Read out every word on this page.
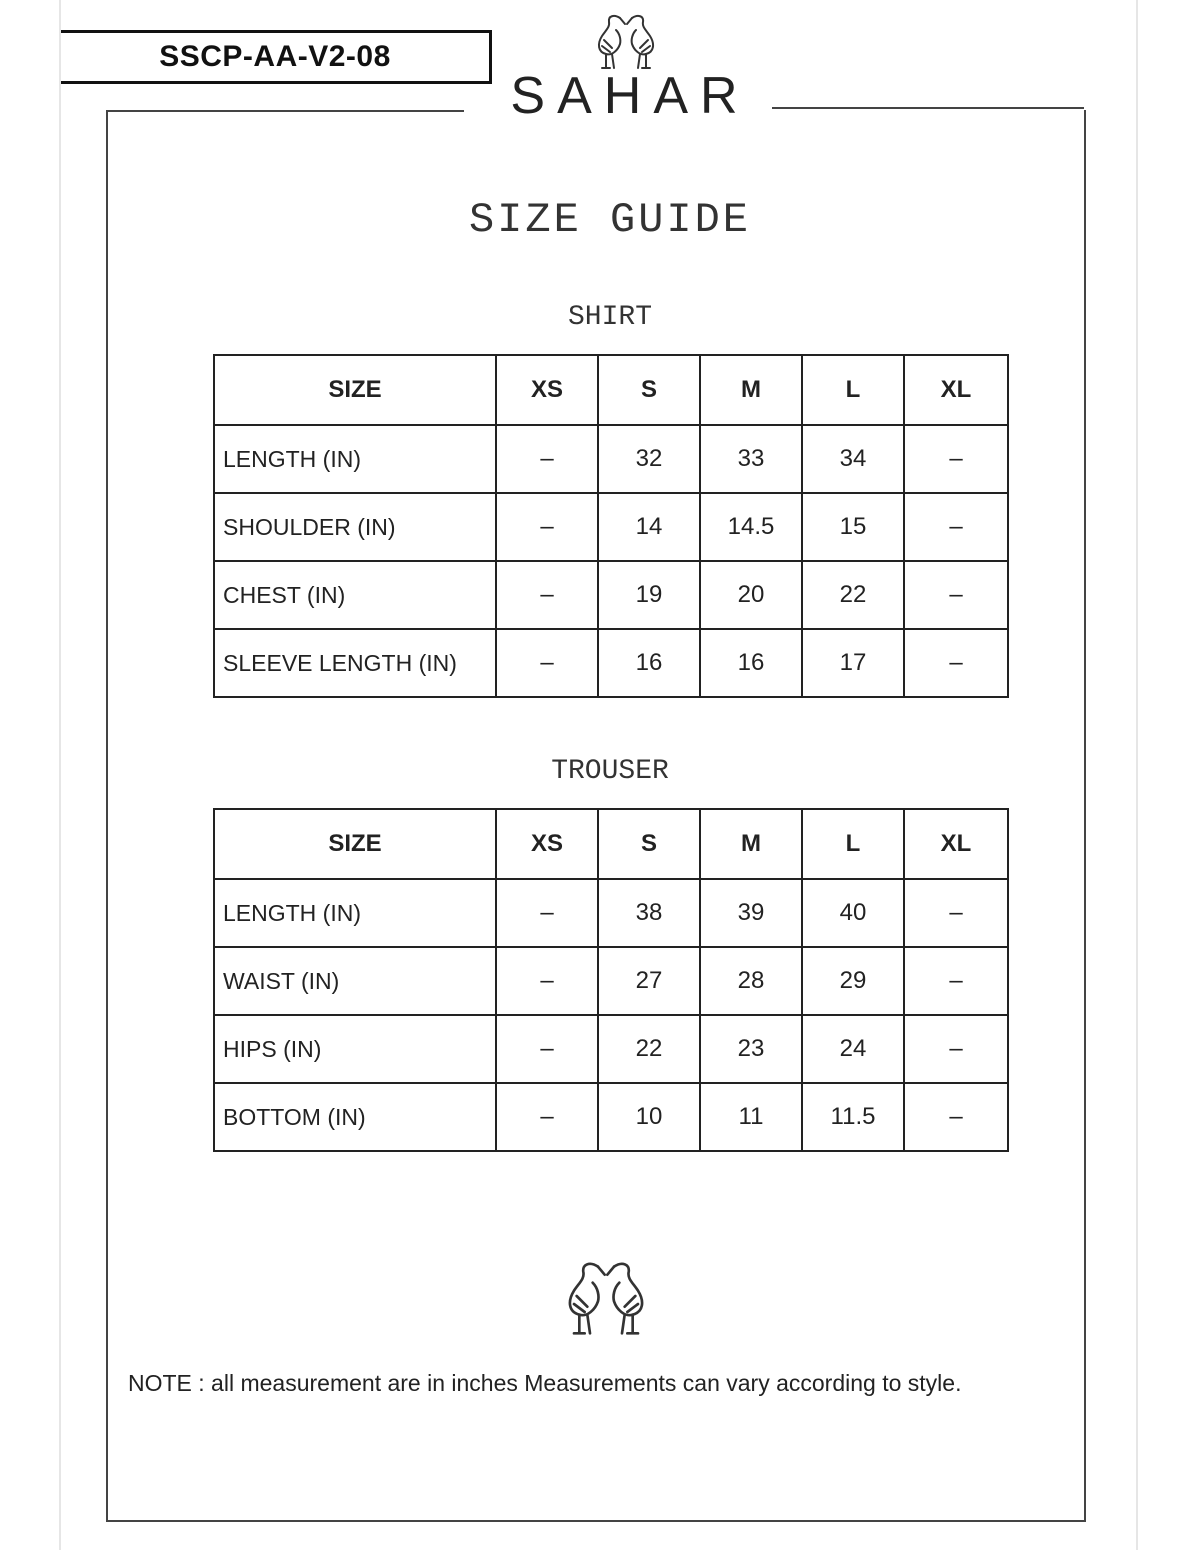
SSCP-AA-V2-08
SAHAR
SIZE GUIDE
SHIRT
SIZE	XS	S	M	L	XL
LENGTH (IN)	–	32	33	34	–
SHOULDER (IN)	–	14	14.5	15	–
CHEST (IN)	–	19	20	22	–
SLEEVE LENGTH (IN)	–	16	16	17	–
TROUSER
SIZE	XS	S	M	L	XL
LENGTH (IN)	–	38	39	40	–
WAIST (IN)	–	27	28	29	–
HIPS (IN)	–	22	23	24	–
BOTTOM (IN)	–	10	11	11.5	–
NOTE : all measurement are in inches Measurements can vary according to style.
